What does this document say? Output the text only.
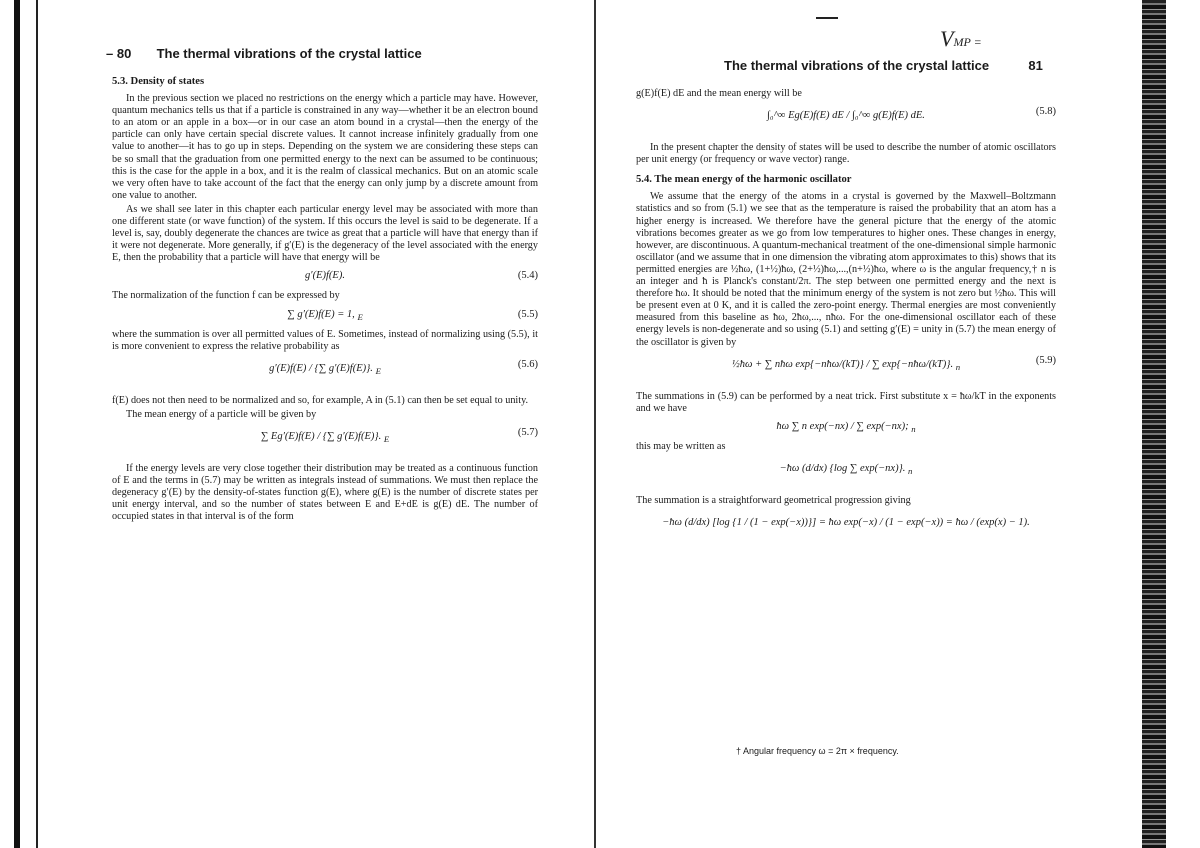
– 80 The thermal vibrations of the crystal lattice
5.3. Density of states

In the previous section we placed no restrictions on the energy which a particle may have. However, quantum mechanics tells us that if a particle is constrained in any way—whether it be an electron bound to an atom or an apple in a box—or in our case an atom bound in a crystal—then the energy of the particle can only have certain special discrete values. It cannot increase infinitely gradually from one value to another—it has to go up in steps. Depending on the system we are considering these steps can be so small that the graduation from one permitted energy to the next can be assumed to be continuous; this is the case for the apple in a box, and it is the realm of classical mechanics. But on an atomic scale we very often have to take account of the fact that the energy can only jump by a discrete amount from one value to another.

As we shall see later in this chapter each particular energy level may be associated with more than one different state (or wave function) of the system. If this occurs the level is said to be degenerate. If a level is, say, doubly degenerate the chances are twice as great that a particle will have that energy than if it were not degenerate. More generally, if g′(E) is the degeneracy of the level associated with the energy E, then the probability that a particle will have that energy will be

g′(E)f(E).	(5.4)

The normalization of the function f can be expressed by

∑ g′(E)f(E) = 1, $_E$	(5.5)

where the summation is over all permitted values of E. Sometimes, instead of normalizing using (5.5), it is more convenient to express the relative probability as

g′(E)f(E) / {∑ g′(E)f(E)}. $_E$
(5.6)

f(E) does not then need to be normalized and so, for example, A in (5.1) can then be set equal to unity.

The mean energy of a particle will be given by

∑ Eg′(E)f(E) / {∑ g′(E)f(E)}. $_E$
(5.7)

If the energy levels are very close together their distribution may be treated as a continuous function of E and the terms in (5.7) may be written as integrals instead of summations. We must then replace the degeneracy g′(E) by the density-of-states function g(E), where g(E) is the number of discrete states per unit energy interval, and so the number of states between E and E+dE is g(E) dE. The number of occupied states in that interval is of the form

VMP =
The thermal vibrations of the crystal lattice	81

g(E)f(E) dE and the mean energy will be

∫₀^∞ Eg(E)f(E) dE / ∫₀^∞ g(E)f(E) dE.	(5.8)

In the present chapter the density of states will be used to describe the number of atomic oscillators per unit energy (or frequency or wave vector) range.

5.4. The mean energy of the harmonic oscillator

We assume that the energy of the atoms in a crystal is governed by the Maxwell–Boltzmann statistics and so from (5.1) we see that as the temperature is raised the probability that an atom has a higher energy is increased. We therefore have the general picture that the energy of the atomic vibrations becomes greater as we go from low temperatures to higher ones. These changes in energy, however, are discontinuous. A quantum-mechanical treatment of the one-dimensional simple harmonic oscillator (and we assume that in one dimension the vibrating atom approximates to this) shows that its permitted energies are ½ħω, (1+½)ħω, (2+½)ħω,...,(n+½)ħω, where ω is the angular frequency,† n is an integer and ħ is Planck's constant/2π. The step between one permitted energy and the next is therefore ħω. It should be noted that the minimum energy of the system is not zero but ½ħω. This will be present even at 0 K, and it is called the zero-point energy. Thermal energies are most conveniently measured from this baseline as ħω, 2ħω,..., nħω. For the one-dimensional oscillator each of these energy levels is non-degenerate and so using (5.1) and setting g′(E) = unity in (5.7) the mean energy of the oscillator is given by

½ħω + ∑ nħω exp{−nħω/(kT)} / ∑ exp{−nħω/(kT)}. $_n$
(5.9)

The summations in (5.9) can be performed by a neat trick. First substitute x = ħω/kT in the exponents and we have

ħω ∑ n exp(−nx) / ∑ exp(−nx); $_n$

this may be written as

−ħω (d/dx) {log ∑ exp(−nx)}. $_n$

The summation is a straightforward geometrical progression giving

−ħω (d/dx) [log {1 / (1 − exp(−x))}] = ħω exp(−x) / (1 − exp(−x)) = ħω / (exp(x) − 1).
† Angular frequency ω = 2π × frequency.
